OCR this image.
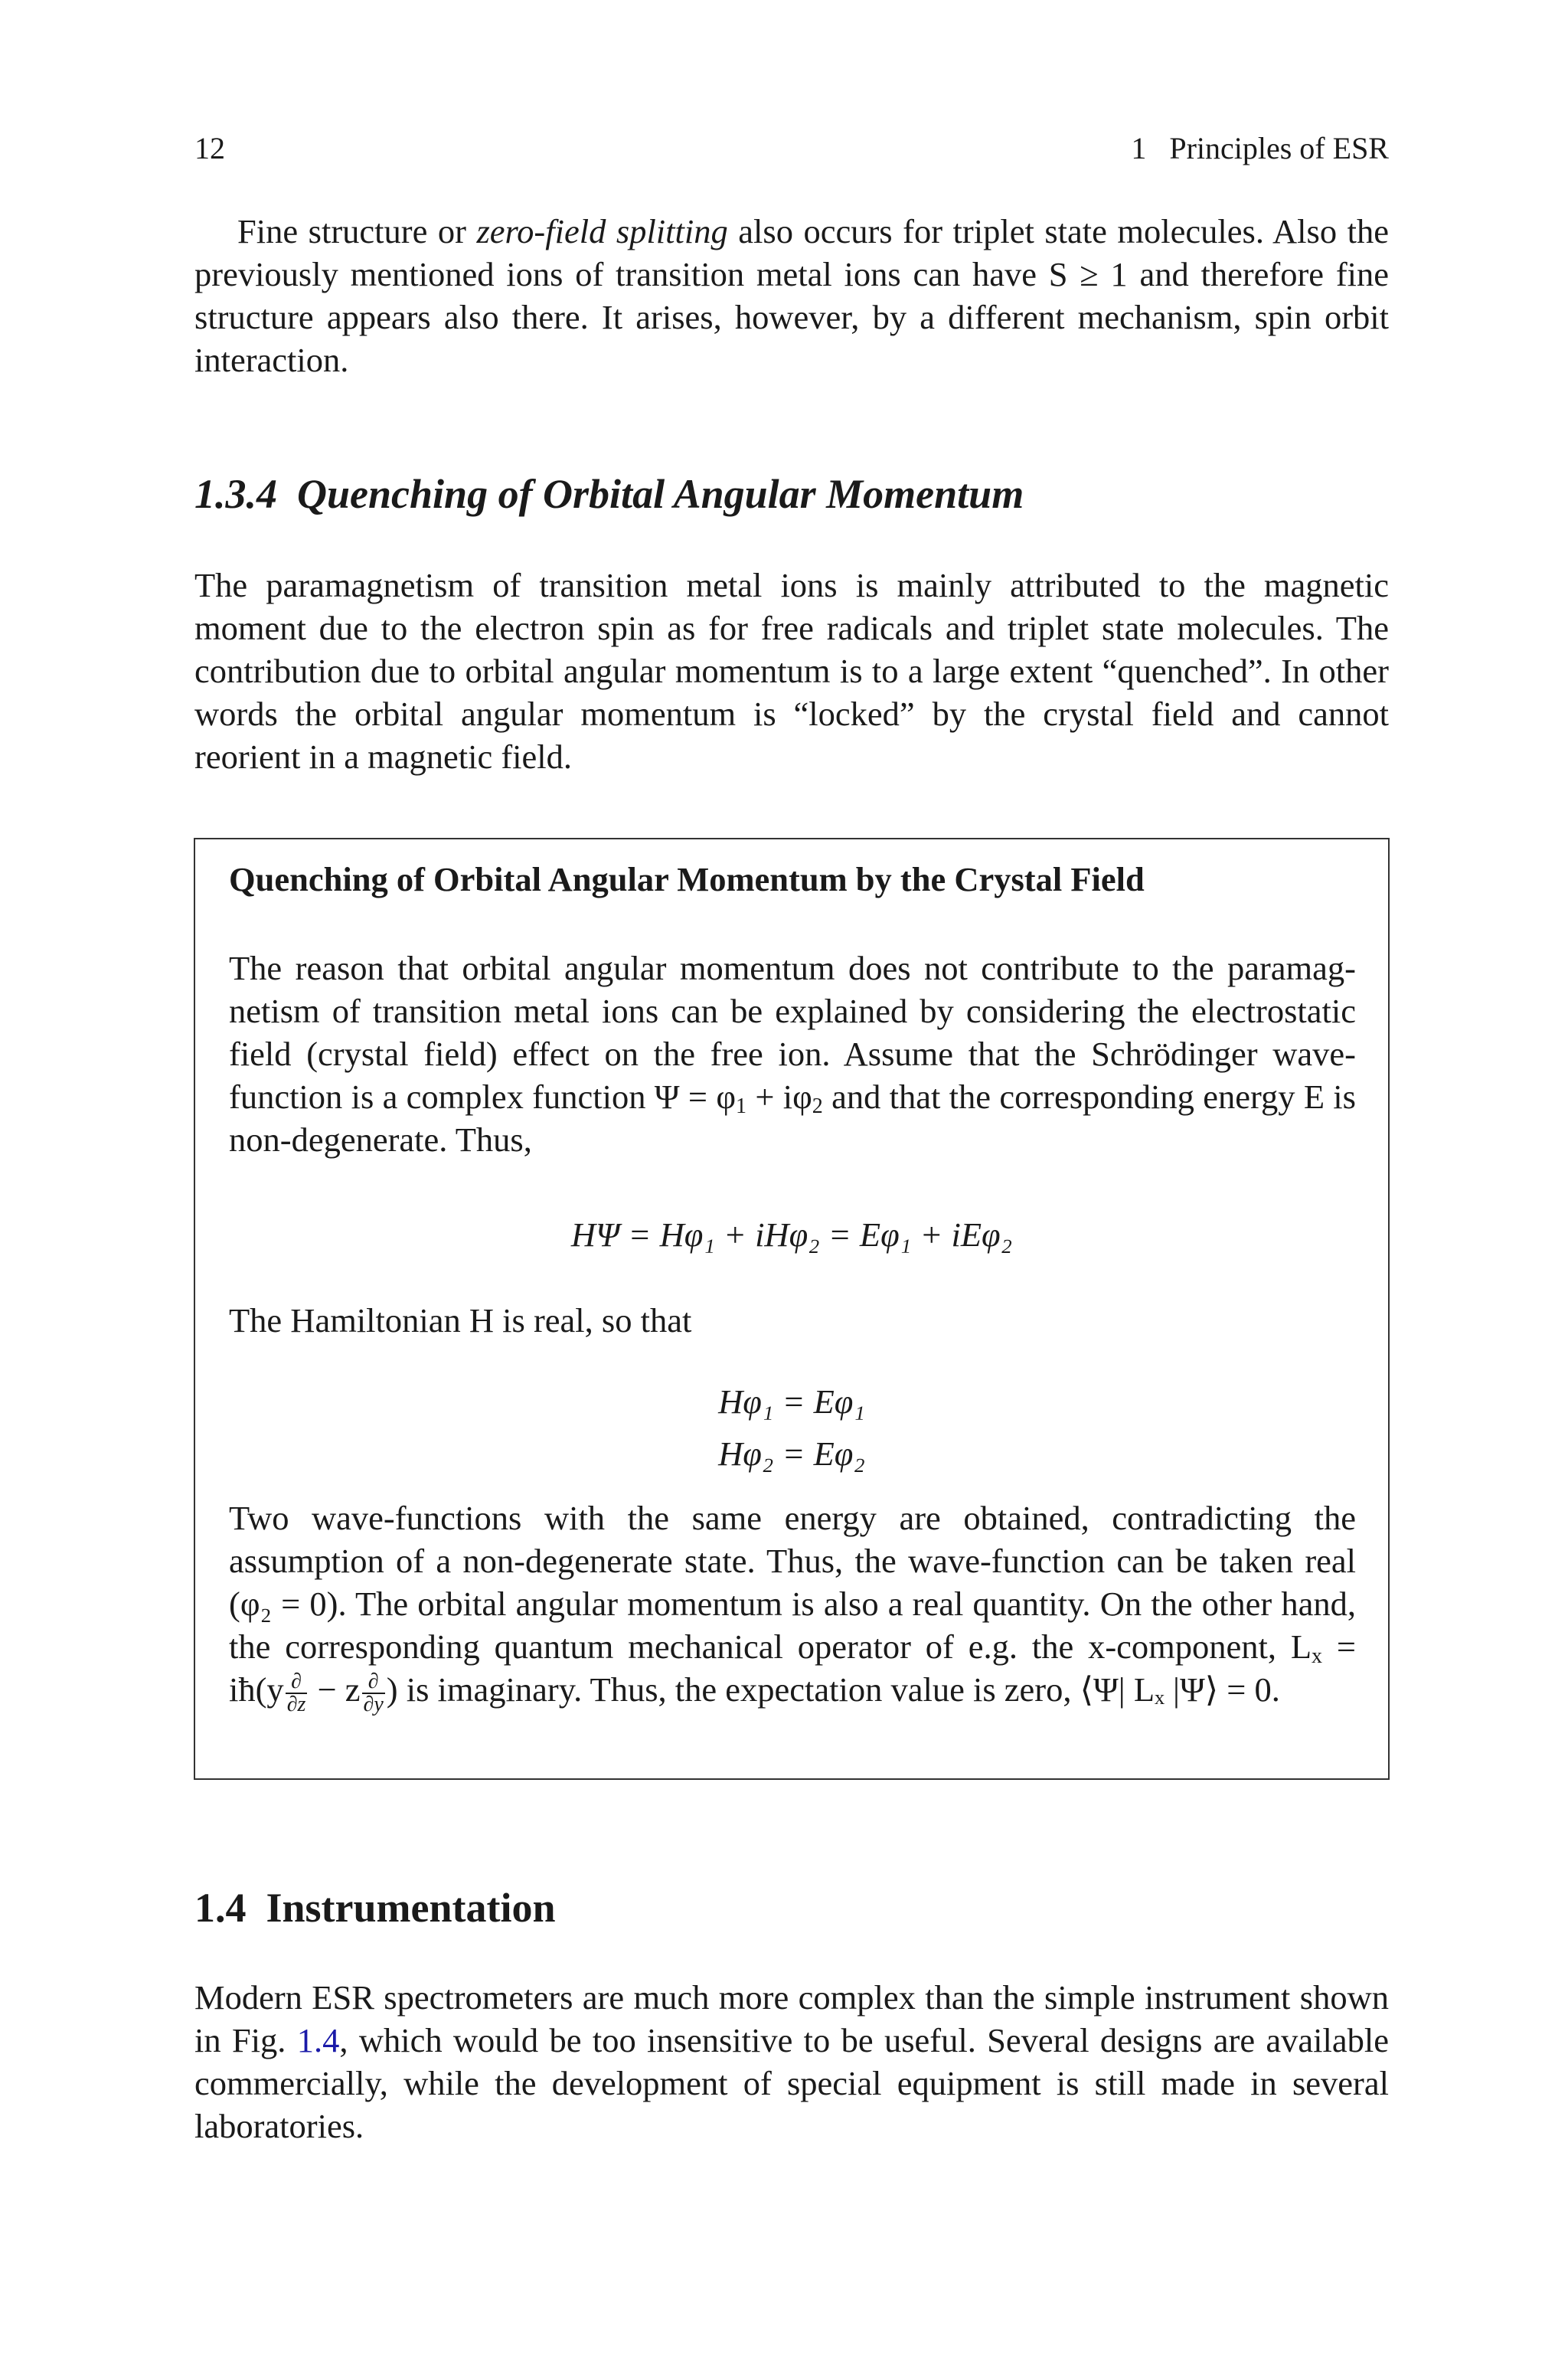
12	1   Principles of ESR
Fine structure or zero-field splitting also occurs for triplet state molecules. Also the previously mentioned ions of transition metal ions can have S ≥ 1 and therefore fine structure appears also there. It arises, however, by a different mechanism, spin orbit interaction.
1.3.4 Quenching of Orbital Angular Momentum
The paramagnetism of transition metal ions is mainly attributed to the magnetic moment due to the electron spin as for free radicals and triplet state molecules. The contribution due to orbital angular momentum is to a large extent “quenched”. In other words the orbital angular momentum is “locked” by the crystal field and cannot reorient in a magnetic field.
Quenching of Orbital Angular Momentum by the Crystal Field
The reason that orbital angular momentum does not contribute to the paramag- netism of transition metal ions can be explained by considering the electrostatic field (crystal field) effect on the free ion. Assume that the Schrödinger wave- function is a complex function $\Psi = \varphi_1 + i\varphi_2$ and that the corresponding energy E is non-degenerate. Thus,
HΨ = Hφ₁ + iHφ₂ = Eφ₁ + iEφ₂
The Hamiltonian H is real, so that
Hφ₁ = Eφ₁
Hφ₂ = Eφ₂
Two wave-functions with the same energy are obtained, contradicting the assumption of a non-degenerate state. Thus, the wave-function can be taken real (φ₂ = 0). The orbital angular momentum is also a real quantity. On the other hand, the corresponding quantum mechanical operator of e.g. the x-component, $L_x$ = iħ(y $\frac{\partial}{\partial z} - z \frac{\partial}{\partial y}$ ) is imaginary. Thus, the expectation value is zero, ⟨Ψ| Lₓ |Ψ⟩ = 0.
1.4 Instrumentation
Modern ESR spectrometers are much more complex than the simple instrument shown in Fig. 1.4, which would be too insensitive to be useful. Several designs are available commercially, while the development of special equipment is still made in several laboratories.
